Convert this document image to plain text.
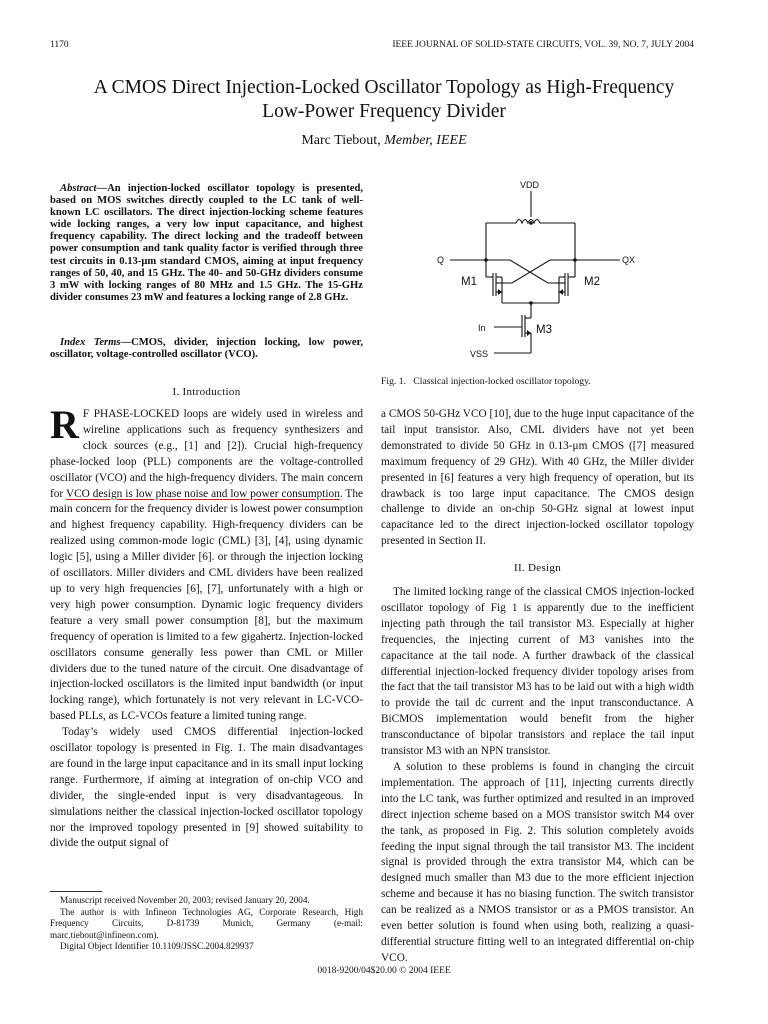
1170	IEEE JOURNAL OF SOLID-STATE CIRCUITS, VOL. 39, NO. 7, JULY 2004
A CMOS Direct Injection-Locked Oscillator Topology as High-Frequency
Low-Power Frequency Divider
Marc Tiebout, Member, IEEE
Abstract—An injection-locked oscillator topology is presented, based on MOS switches directly coupled to the LC tank of well-known LC oscillators. The direct injection-locking scheme features wide locking ranges, a very low input capacitance, and highest frequency capability. The direct locking and the tradeoff between power consumption and tank quality factor is verified through three test circuits in 0.13-μm standard CMOS, aiming at input frequency ranges of 50, 40, and 15 GHz. The 40- and 50-GHz dividers consume 3 mW with locking ranges of 80 MHz and 1.5 GHz. The 15-GHz divider consumes 23 mW and features a locking range of 2.8 GHz.
Index Terms—CMOS, divider, injection locking, low power, oscillator, voltage-controlled oscillator (VCO).
I. Introduction

R F PHASE-LOCKED loops are widely used in wireless and wireline applications such as frequency synthesizers and clock sources (e.g., [1] and [2]). Crucial high-frequency phase-locked loop (PLL) components are the voltage-controlled oscillator (VCO) and the high-frequency dividers. The main concern for VCO design is low phase noise and low power consumption. The main concern for the frequency divider is lowest power consumption and highest frequency capability. High-frequency dividers can be realized using common-mode logic (CML) [3], [4], using dynamic logic [5], using a Miller divider [6]. or through the injection locking of oscillators. Miller dividers and CML dividers have been realized up to very high frequencies [6], [7], unfortunately with a high or very high power consumption. Dynamic logic frequency dividers feature a very small power consumption [8], but the maximum frequency of operation is limited to a few gigahertz. Injection-locked oscillators consume generally less power than CML or Miller dividers due to the tuned nature of the circuit. One disadvantage of injection-locked oscillators is the limited input bandwidth (or input locking range), which fortunately is not very relevant in LC-VCO-based PLLs, as LC-VCOs feature a limited tuning range.

Today’s widely used CMOS differential injection-locked oscillator topology is presented in Fig. 1. The main disadvantages are found in the large input capacitance and in its small input locking range. Furthermore, if aiming at integration of on-chip VCO and divider, the single-ended input is very disadvantageous. In simulations neither the classical injection-locked oscillator topology nor the improved topology presented in [9] showed suitability to divide the output signal of

VDD
Q	QX
M1	M2
In	M3
VSS
Fig. 1.   Classical injection-locked oscillator topology.

a CMOS 50-GHz VCO [10], due to the huge input capacitance of the tail input transistor. Also, CML dividers have not yet been demonstrated to divide 50 GHz in 0.13-μm CMOS ([7] measured maximum frequency of 29 GHz). With 40 GHz, the Miller divider presented in [6] features a very high frequency of operation, but its drawback is too large input capacitance. The CMOS design challenge to divide an on-chip 50-GHz signal at lowest input capacitance led to the direct injection-locked oscillator topology presented in Section II.

II. Design

The limited locking range of the classical CMOS injection-locked oscillator topology of Fig 1 is apparently due to the inefficient injecting path through the tail transistor M3. Especially at higher frequencies, the injecting current of M3 vanishes into the capacitance at the tail node. A further drawback of the classical differential injection-locked frequency divider topology arises from the fact that the tail transistor M3 has to be laid out with a high width to provide the tail dc current and the input transconductance. A BiCMOS implementation would benefit from the higher transconductance of bipolar transistors and replace the tail input transistor M3 with an NPN transistor.

A solution to these problems is found in changing the circuit implementation. The approach of [11], injecting currents directly into the LC tank, was further optimized and resulted in an improved direct injection scheme based on a MOS transistor switch M4 over the tank, as proposed in Fig. 2. This solution completely avoids feeding the input signal through the tail transistor M3. The incident signal is provided through the extra transistor M4, which can be designed much smaller than M3 due to the more efficient injection scheme and because it has no biasing function. The switch transistor can be realized as a NMOS transistor or as a PMOS transistor. An even better solution is found when using both, realizing a quasi-differential structure fitting well to an integrated differential on-chip VCO.

Manuscript received November 20, 2003; revised January 20, 2004.

The author is with Infineon Technologies AG, Corporate Research, High Frequency Circuits, D-81739 Munich, Germany (e-mail: marc.tiebout@infineon.com).

Digital Object Identifier 10.1109/JSSC.2004.829937

0018-9200/04$20.00 © 2004 IEEE
